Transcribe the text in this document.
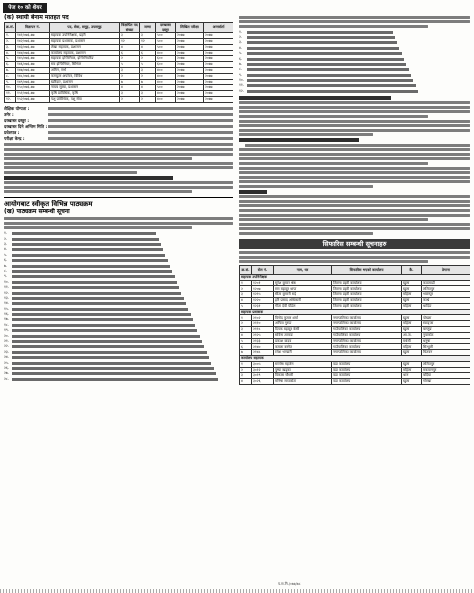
पेज १० को शेयर
(क) स्थायी बेनाम मातहत पद
क्र.सं.	विज्ञापन नं.	पद, सेवा, समूह, उपसमूह	विज्ञापित पद संख्या	जम्मा	दरखास्त दस्तुर	लिखित परीक्षा	अन्तर्वार्ता
१.	१४१/०७६-७७	सहायक उपनिरीक्षक, प्रहरी	३	३	५००	२०७७	२०७७
२.	१४२/०७६-७७	सहायक प्रशासक, प्रशासन	१२	१२	५००	२०७७	२०७७
३.	१४३/०७६-७७	लेखा सहायक, प्रशासन	४	४	५००	२०७७	२०७७
४.	१४४/०७६-७७	कार्यालय सहायक, प्रशासन	६	६	४००	२०७७	२०७७
५.	१४५/०७६-७७	सहायक इन्जिनियर, इन्जिनियरिङ	२	२	६००	२०७७	२०७७
६.	१४६/०७६-७७	सव इन्जिनियर, सिभिल	५	५	६००	२०७७	२०७७
७.	१४७/०७६-७७	अमिन, सर्भे	३	३	४००	२०७७	२०७७
८.	१४८/०७६-७७	कम्प्युटर अपरेटर, विविध	२	२	४००	२०७७	२०७७
९.	१४९/०७६-७७	खरिदार, प्रशासन	७	७	४००	२०७७	२०७७
१०.	१५०/०७६-७७	नायब सुब्बा, प्रशासन	४	४	५००	२०७७	२०७७
११.	१५१/०७६-७७	कृषि प्राविधिक, कृषि	३	३	४००	२०७७	२०७७
१२.	१५२/०७६-७७	पशु प्राविधिक, पशु सेवा	२	२	४००	२०७७	२०७७
शैक्षिक योग्यता :
उमेर :
दरखास्त दस्तुर :
दरखास्त दिने अन्तिम मिति :
प्रवेशपत्र :
परीक्षा केन्द्र :
आयोगबाट स्वीकृत विभिन्न पाठ्यक्रम
(ख) पाठ्यक्रम सम्बन्धी सूचना
१.
२.
३.
४.
५.
६.
७.
८.
९.
१०.
११.
१२.
१३.
१४.
१५.
१६.
१७.
१८.
१९.
२०.
२१.
२२.
२३.
२४.
२५.
२६.
२७.
२८.
१.
२.
३.
४.
५.
६.
७.
८.
९.
१०.
११.
१२.
सिफारिस सम्बन्धी सूचनाहरु
क्र.सं.	रोल नं.	नाम, थर	सिफारिस भएको कार्यालय	कै.	ठेगाना
सहायक उपनिरीक्षक					
१	१२०१	सुरेश कुमार श्रेष्ठ	जिल्ला प्रहरी कार्यालय	खुला	काठमाडौं
२	१२०७	राम बहादुर थापा	जिल्ला प्रहरी कार्यालय	खुला	ललितपुर
३	१२१५	सीता कुमारी राई	जिल्ला प्रहरी कार्यालय	महिला	भक्तपुर
४	१२२०	हरि प्रसाद अधिकारी	जिल्ला प्रहरी कार्यालय	खुला	काभ्रे
५	१२३१	गीता देवी पौडेल	जिल्ला प्रहरी कार्यालय	महिला	धादिङ
सहायक प्रशासक					
१	२१०२	विनोद कुमार शर्मा	नगरपालिका कार्यालय	खुला	पोखरा
२	२११०	अनिता गुरुङ	नगरपालिका कार्यालय	महिला	स्याङ्जा
३	२११८	दिपक बहादुर केसी	गाउँपालिका कार्यालय	खुला	बाग्लुङ
४	२१२५	सविना तामाङ	गाउँपालिका कार्यालय	आ.ज.	नुवाकोट
५	२१३३	प्रकाश यादव	नगरपालिका कार्यालय	मधेसी	धनुषा
६	२१४०	कमला बस्नेत	गाउँपालिका कार्यालय	महिला	सिन्धुली
७	२१४८	रमेश भण्डारी	नगरपालिका कार्यालय	खुला	चितवन
कार्यालय सहायक					
१	३००५	सन्तोष महर्जन	वडा कार्यालय	खुला	ललितपुर
२	३०१२	पुष्पा खड्का	वडा कार्यालय	महिला	मकवानपुर
३	३०१९	विकास चौधरी	वडा कार्यालय	थारु	बर्दिया
४	३०२६	मनिषा सापकोटा	वडा कार्यालय	खुला	गोरखा
प.स.नि./०७७/७८
